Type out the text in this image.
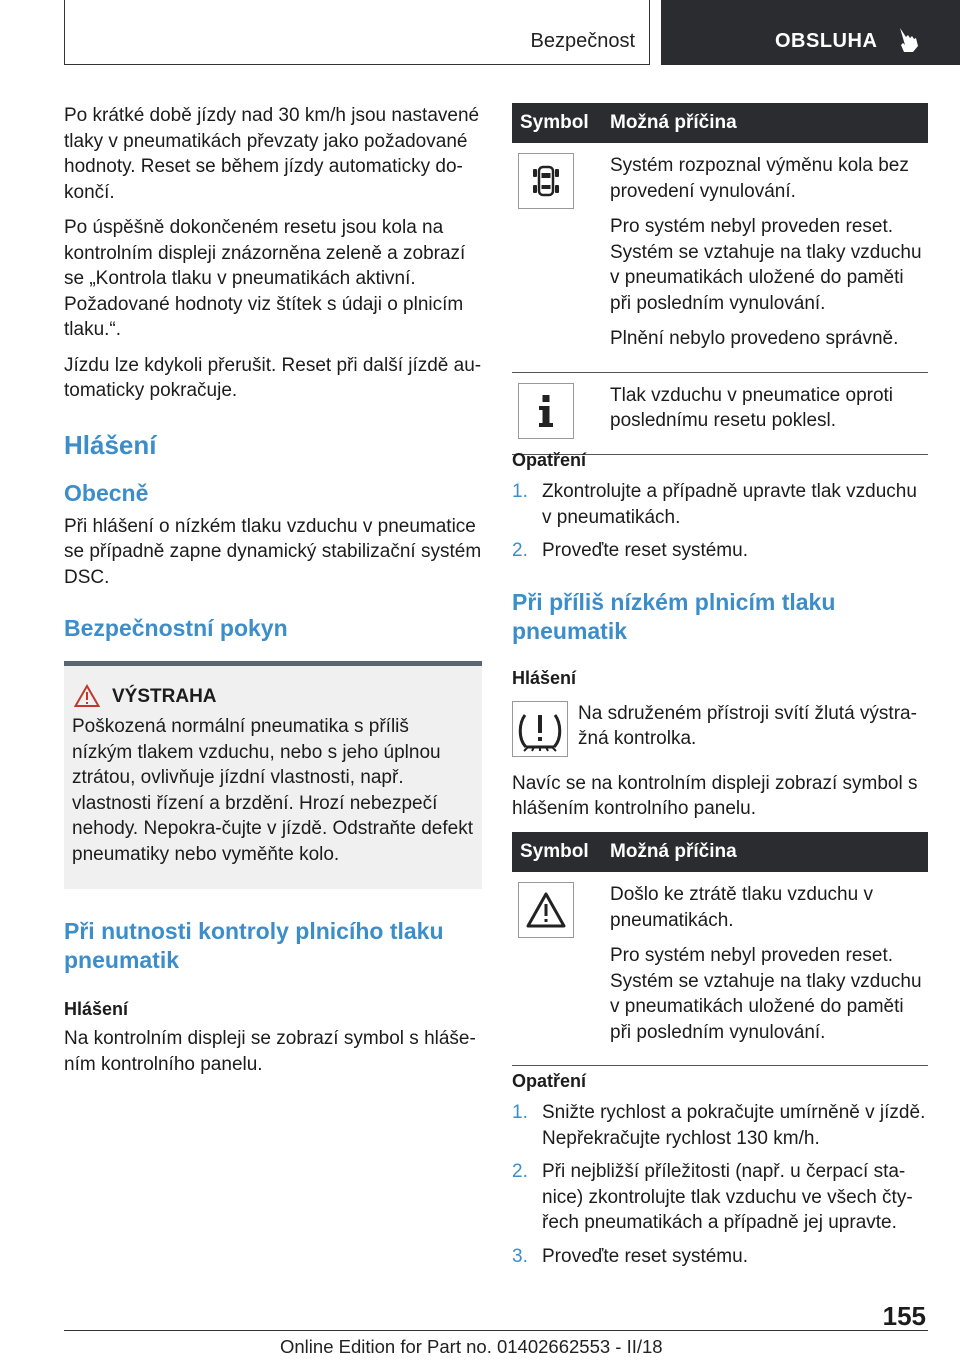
Bezpečnost	OBSLUHA

Po krátké době jízdy nad 30 km/h jsou nastavené tlaky v pneumatikách převzaty jako požadované hodnoty. Reset se během jízdy automaticky do‐končí.

Po úspěšně dokončeném resetu jsou kola na kontrolním displeji znázorněna zeleně a zobrazí se „Kontrola tlaku v pneumatikách aktivní. Požadované hodnoty viz štítek s údaji o plnicím tlaku.“.

Jízdu lze kdykoli přerušit. Reset při další jízdě au‐tomaticky pokračuje.

Hlášení
Obecně

Při hlášení o nízkém tlaku vzduchu v pneumatice se případně zapne dynamický stabilizační systém DSC.

Bezpečnostní pokyn
VÝSTRAHA
Poškozená normální pneumatika s příliš nízkým tlakem vzduchu, nebo s jeho úplnou ztrátou, ovlivňuje jízdní vlastnosti, např. vlastnosti řízení a brzdění. Hrozí nebezpečí nehody. Nepokra‐čujte v jízdě. Odstraňte defekt pneumatiky nebo vyměňte kolo.
Při nutnosti kontroly plnicího tlaku pneumatik
Hlášení

Na kontrolním displeji se zobrazí symbol s hláše‐ním kontrolního panelu.

Symbol	Možná příčina

Systém rozpoznal výměnu kola bez provedení vynulování.

Pro systém nebyl proveden reset. Systém se vztahuje na tlaky vzduchu v pneumatikách uložené do paměti při posledním vynulování.

Plnění nebylo provedeno správně.

Tlak vzduchu v pneumatice oproti poslednímu resetu poklesl.

Opatření
1. Zkontrolujte a případně upravte tlak vzduchu v pneumatikách.
2. Proveďte reset systému.
Při příliš nízkém plnicím tlaku pneumatik
Hlášení
Na sdruženém přístroji svítí žlutá výstra‐žná kontrolka.

Navíc se na kontrolním displeji zobrazí symbol s hlášením kontrolního panelu.

Symbol	Možná příčina

Došlo ke ztrátě tlaku vzduchu v pneumatikách.

Pro systém nebyl proveden reset. Systém se vztahuje na tlaky vzduchu v pneumatikách uložené do paměti při posledním vynulování.

Opatření
1. Snižte rychlost a pokračujte umírněně v jízdě. Nepřekračujte rychlost 130 km/h.
2. Při nejbližší příležitosti (např. u čerpací sta‐nice) zkontrolujte tlak vzduchu ve všech čty‐řech pneumatikách a případně jej upravte.
3. Proveďte reset systému.
155
Online Edition for Part no. 01402662553 - II/18
